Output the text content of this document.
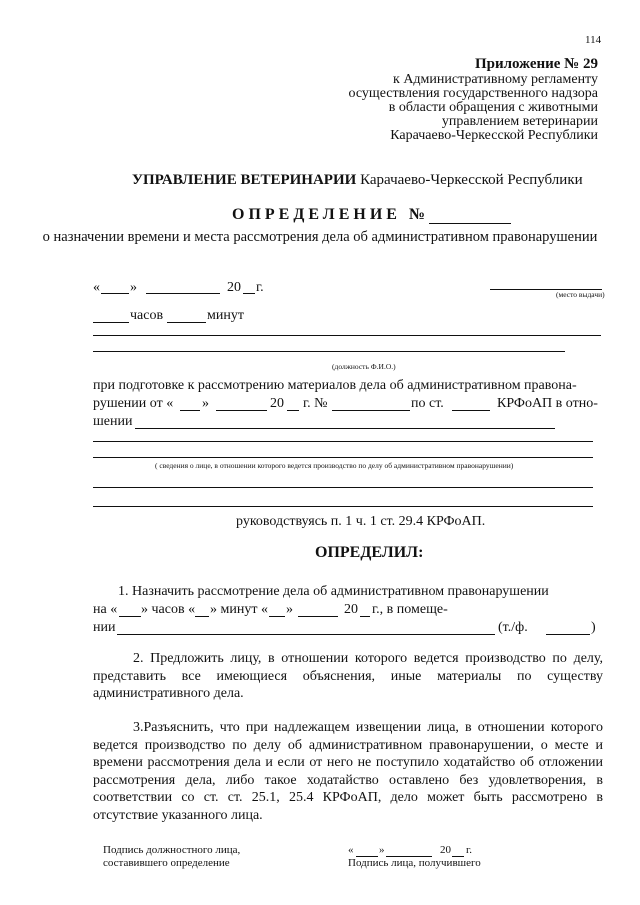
114
Приложение № 29
к Административному регламенту
осуществления государственного надзора
в области обращения с животными
управлением ветеринарии
Карачаево-Черкесской Республики
УПРАВЛЕНИЕ ВЕТЕРИНАРИИ Карачаево-Черкесской Республики
ОПРЕДЕЛЕНИЕ №
о назначении времени и места рассмотрения дела об административном правонарушении
« »	20 г.	(место выдачи)
часов	минут
(должность Ф.И.О.)
при подготовке к рассмотрению материалов дела об административном правона-
рушении от « »	20 г. №	по ст.	КРФоАП в отно-
шении
( сведения о лице, в отношении которого ведется производство по делу об административном правонарушении)
руководствуясь п. 1 ч. 1 ст. 29.4 КРФоАП.
ОПРЕДЕЛИЛ:
1. Назначить рассмотрение дела об административном правонарушении
на « » часов « » минут « »	20 г., в помеще-
нии	(т./ф.	)
2. Предложить лицу, в отношении которого ведется производство по делу, представить все имеющиеся объяснения, иные материалы по существу административного дела.
3.Разъяснить, что при надлежащем извещении лица, в отношении которого ведется производство по делу об административном правонарушении, о месте и времени рассмотрения дела и если от него не поступило ходатайство об отложении рассмотрения дела, либо такое ходатайство оставлено без удовлетворения, в соответствии со ст. ст. 25.1, 25.4 КРФоАП, дело может быть рассмотрено в отсутствие указанного лица.
Подпись должностного лица,
составившего определение
« »	20 г.
Подпись лица, получившего
